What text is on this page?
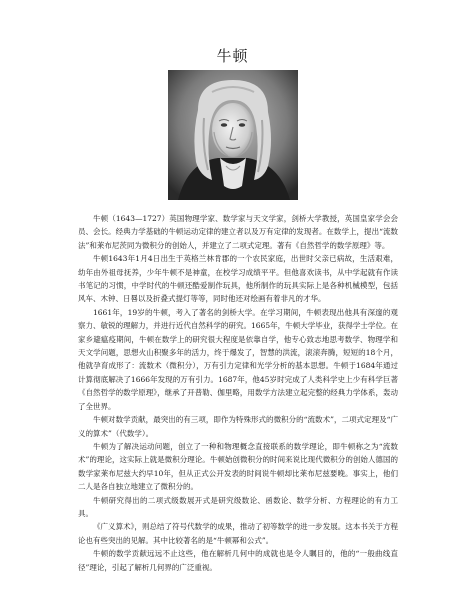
牛顿

牛顿（1643—1727）英国物理学家、数学家与天文学家，剑桥大学教授，英国皇家学会会员、会长。经典力学基础的牛顿运动定律的建立者以及万有定律的发现者。在数学上，提出“流数法”和莱布尼茨同为微积分的创始人，并建立了二项式定理。著有《自然哲学的数学原理》等。

牛顿1643年1月4日出生于英格兰林肯郡的一个农民家庭，出世时父亲已病故，生活艰难，幼年由外祖母抚养，少年牛顿不是神童，在校学习成绩平平。但他喜欢读书，从中学起就有作读书笔记的习惯，中学时代的牛顿还酷爱制作玩具，他所制作的玩具实际上是各种机械模型，包括风车、木钟、日晷以及折叠式提灯等等，同时他还对绘画有着非凡的才华。

1661年，19岁的牛顿，考入了著名的剑桥大学。在学习期间，牛顿表现出他具有深邃的观察力、敏锐的理解力，并进行近代自然科学的研究。1665年，牛顿大学毕业，获得学士学位。在家乡避瘟疫期间，牛顿在数学上的研究很大程度是依靠自学，他专心致志地思考数学、物理学和天文学问题，思想火山积聚多年的活力，终于爆发了，智慧的洪流，滚滚奔腾，短短的18个月，他就孕育成形了：流数术（微积分），万有引力定律和光学分析的基本思想。牛顿于1684年通过计算彻底解决了1666年发现的万有引力。1687年，他45岁时完成了人类科学史上少有科学巨著《自然哲学的数学原理》，继承了开普勒、伽里略，用数学方法建立起完整的经典力学体系，轰动了全世界。

牛顿对数学贡献，最突出的有三项，即作为特殊形式的微积分的“流数术”，二项式定理及“广义的算术”（代数学）。

牛顿为了解决运动问题，创立了一种和物理概念直接联系的数学理论，即牛顿称之为“流数术”的理论，这实际上就是微积分理论。牛顿始创微积分的时间来说比现代微积分的创始人德国的数学家莱布尼兹大约早10年，但从正式公开发表的时间说牛顿却比莱布尼兹要晚。事实上，他们二人是各自独立地建立了微积分的。

牛顿研究得出的二项式级数展开式是研究级数论、函数论、数学分析、方程理论的有力工具。

《广义算术》，则总结了符号代数学的成果，推动了初等数学的进一步发展。这本书关于方程论也有些突出的见解。其中比较著名的是“牛顿幂和公式”。

牛顿的数学贡献远远不止这些，他在解析几何中的成就也是令人瞩目的，他的“一般曲线直径”理论，引起了解析几何界的广泛重视。
